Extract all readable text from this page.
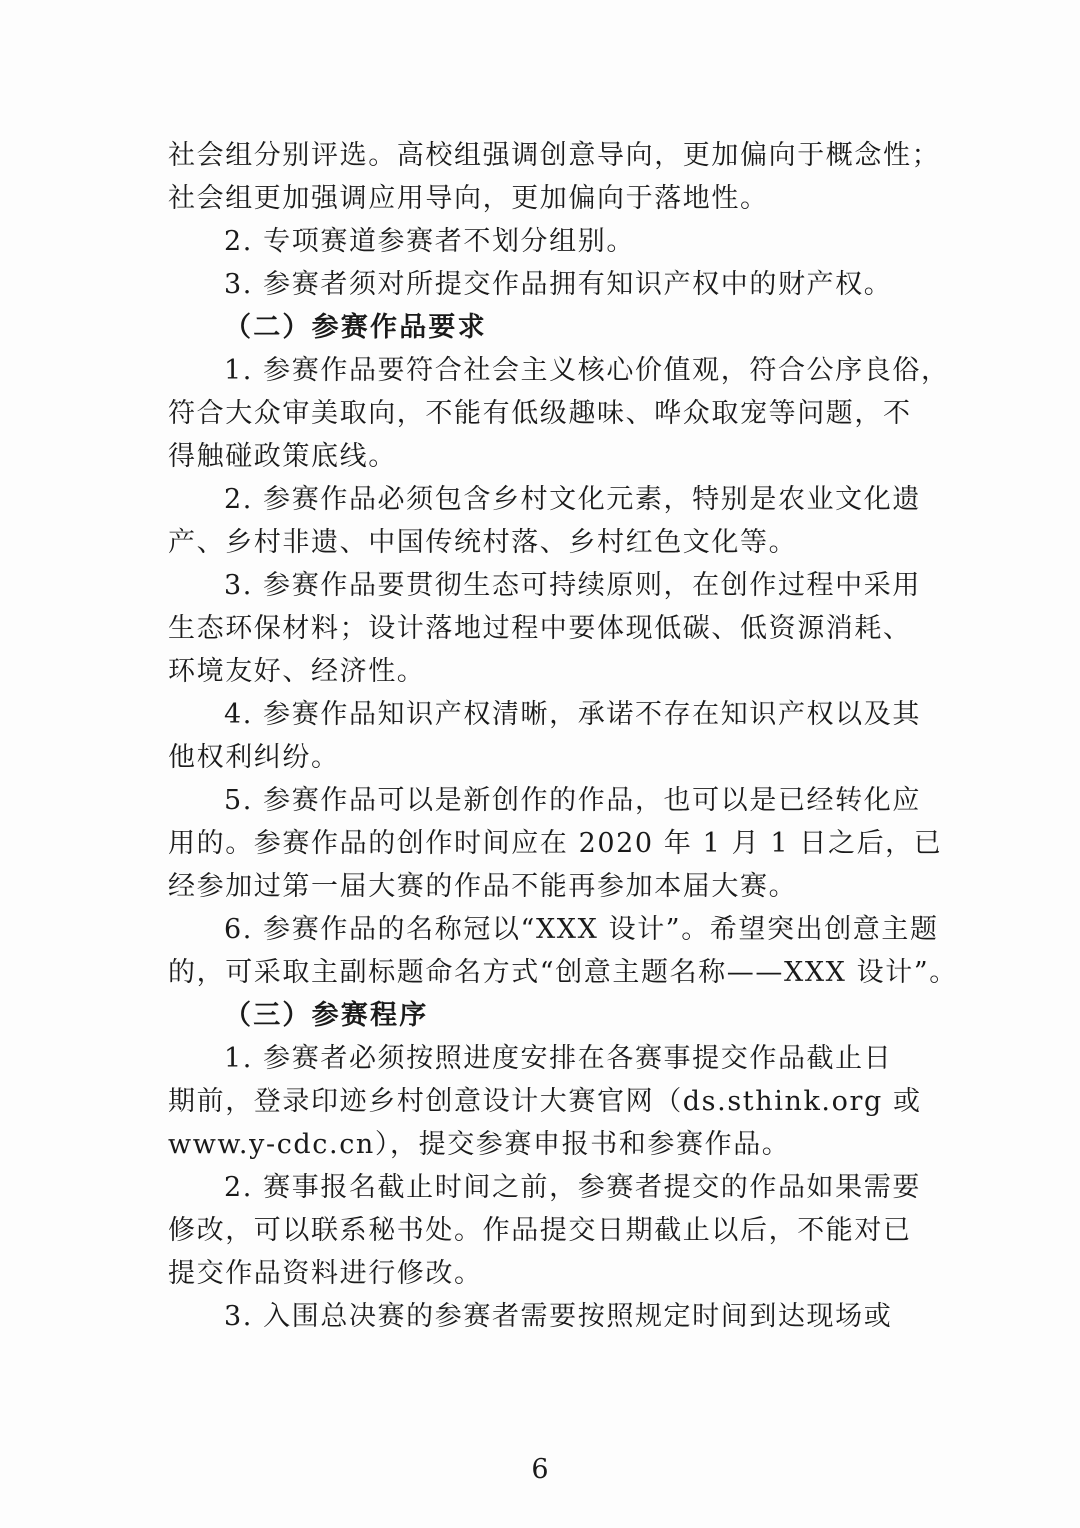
社会组分别评选。高校组强调创意导向，更加偏向于概念性；
社会组更加强调应用导向，更加偏向于落地性。
2. 专项赛道参赛者不划分组别。
3. 参赛者须对所提交作品拥有知识产权中的财产权。
（二）参赛作品要求
1. 参赛作品要符合社会主义核心价值观，符合公序良俗，
符合大众审美取向，不能有低级趣味、哗众取宠等问题，不
得触碰政策底线。
2. 参赛作品必须包含乡村文化元素，特别是农业文化遗
产、乡村非遗、中国传统村落、乡村红色文化等。
3. 参赛作品要贯彻生态可持续原则，在创作过程中采用
生态环保材料；设计落地过程中要体现低碳、低资源消耗、
环境友好、经济性。
4. 参赛作品知识产权清晰，承诺不存在知识产权以及其
他权利纠纷。
5. 参赛作品可以是新创作的作品，也可以是已经转化应
用的。参赛作品的创作时间应在 2020 年 1 月 1 日之后，已
经参加过第一届大赛的作品不能再参加本届大赛。
6. 参赛作品的名称冠以“XXX 设计”。希望突出创意主题
的，可采取主副标题命名方式“创意主题名称——XXX 设计”。
（三）参赛程序
1. 参赛者必须按照进度安排在各赛事提交作品截止日
期前，登录印迹乡村创意设计大赛官网（ds.sthink.org 或
www.y-cdc.cn），提交参赛申报书和参赛作品。
2. 赛事报名截止时间之前，参赛者提交的作品如果需要
修改，可以联系秘书处。作品提交日期截止以后，不能对已
提交作品资料进行修改。
3. 入围总决赛的参赛者需要按照规定时间到达现场或
6
